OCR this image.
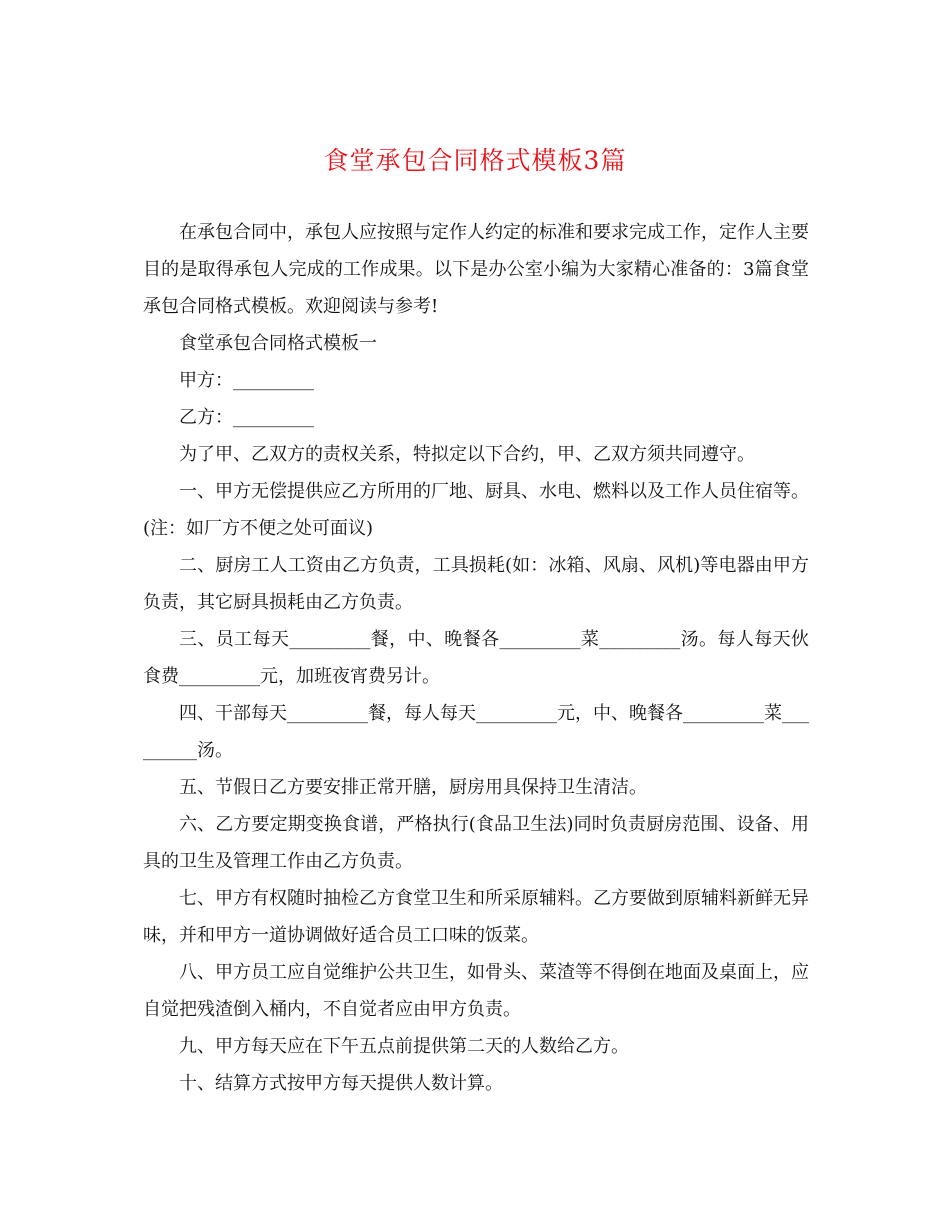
食堂承包合同格式模板3篇

在承包合同中，承包人应按照与定作人约定的标准和要求完成工作，定作人主要目的是取得承包人完成的工作成果。以下是办公室小编为大家精心准备的：3篇食堂承包合同格式模板。欢迎阅读与参考!

食堂承包合同格式模板一

甲方：_________

乙方：_________

为了甲、乙双方的责权关系，特拟定以下合约，甲、乙双方须共同遵守。

一、甲方无偿提供应乙方所用的厂地、厨具、水电、燃料以及工作人员住宿等。(注：如厂方不便之处可面议)

二、厨房工人工资由乙方负责，工具损耗(如：冰箱、风扇、风机)等电器由甲方负责，其它厨具损耗由乙方负责。

三、员工每天_________餐，中、晚餐各_________菜_________汤。每人每天伙食费_________元，加班夜宵费另计。

四、干部每天_________餐，每人每天_________元，中、晚餐各_________菜_________汤。

五、节假日乙方要安排正常开膳，厨房用具保持卫生清洁。

六、乙方要定期变换食谱，严格执行(食品卫生法)同时负责厨房范围、设备、用具的卫生及管理工作由乙方负责。

七、甲方有权随时抽检乙方食堂卫生和所采原辅料。乙方要做到原辅料新鲜无异味，并和甲方一道协调做好适合员工口味的饭菜。

八、甲方员工应自觉维护公共卫生，如骨头、菜渣等不得倒在地面及桌面上，应自觉把残渣倒入桶内，不自觉者应由甲方负责。

九、甲方每天应在下午五点前提供第二天的人数给乙方。

十、结算方式按甲方每天提供人数计算。
